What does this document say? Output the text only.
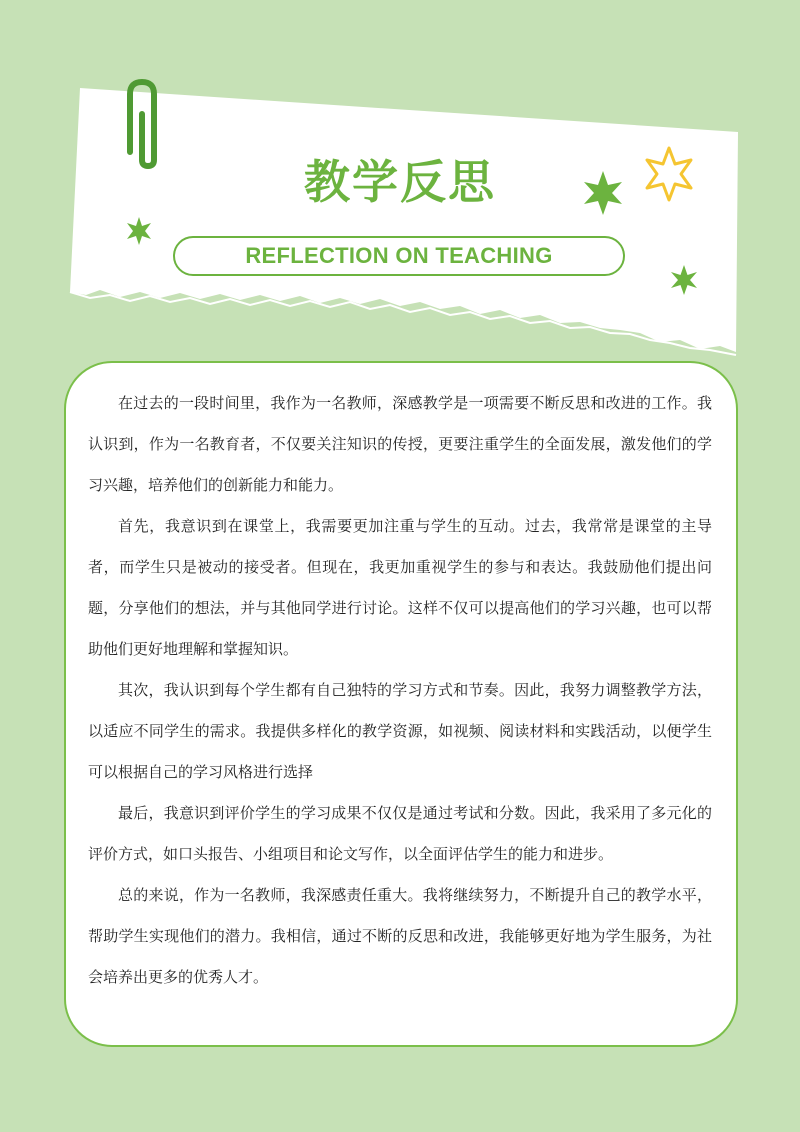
教学反思
REFLECTION ON TEACHING

在过去的一段时间里，我作为一名教师，深感教学是一项需要不断反思和改进的工作。我认识到，作为一名教育者，不仅要关注知识的传授，更要注重学生的全面发展，激发他们的学习兴趣，培养他们的创新能力和能力。

首先，我意识到在课堂上，我需要更加注重与学生的互动。过去，我常常是课堂的主导者，而学生只是被动的接受者。但现在，我更加重视学生的参与和表达。我鼓励他们提出问题，分享他们的想法，并与其他同学进行讨论。这样不仅可以提高他们的学习兴趣，也可以帮助他们更好地理解和掌握知识。

其次，我认识到每个学生都有自己独特的学习方式和节奏。因此，我努力调整教学方法，以适应不同学生的需求。我提供多样化的教学资源，如视频、阅读材料和实践活动，以便学生可以根据自己的学习风格进行选择

最后，我意识到评价学生的学习成果不仅仅是通过考试和分数。因此，我采用了多元化的评价方式，如口头报告、小组项目和论文写作，以全面评估学生的能力和进步。

总的来说，作为一名教师，我深感责任重大。我将继续努力，不断提升自己的教学水平，帮助学生实现他们的潜力。我相信，通过不断的反思和改进，我能够更好地为学生服务，为社会培养出更多的优秀人才。
